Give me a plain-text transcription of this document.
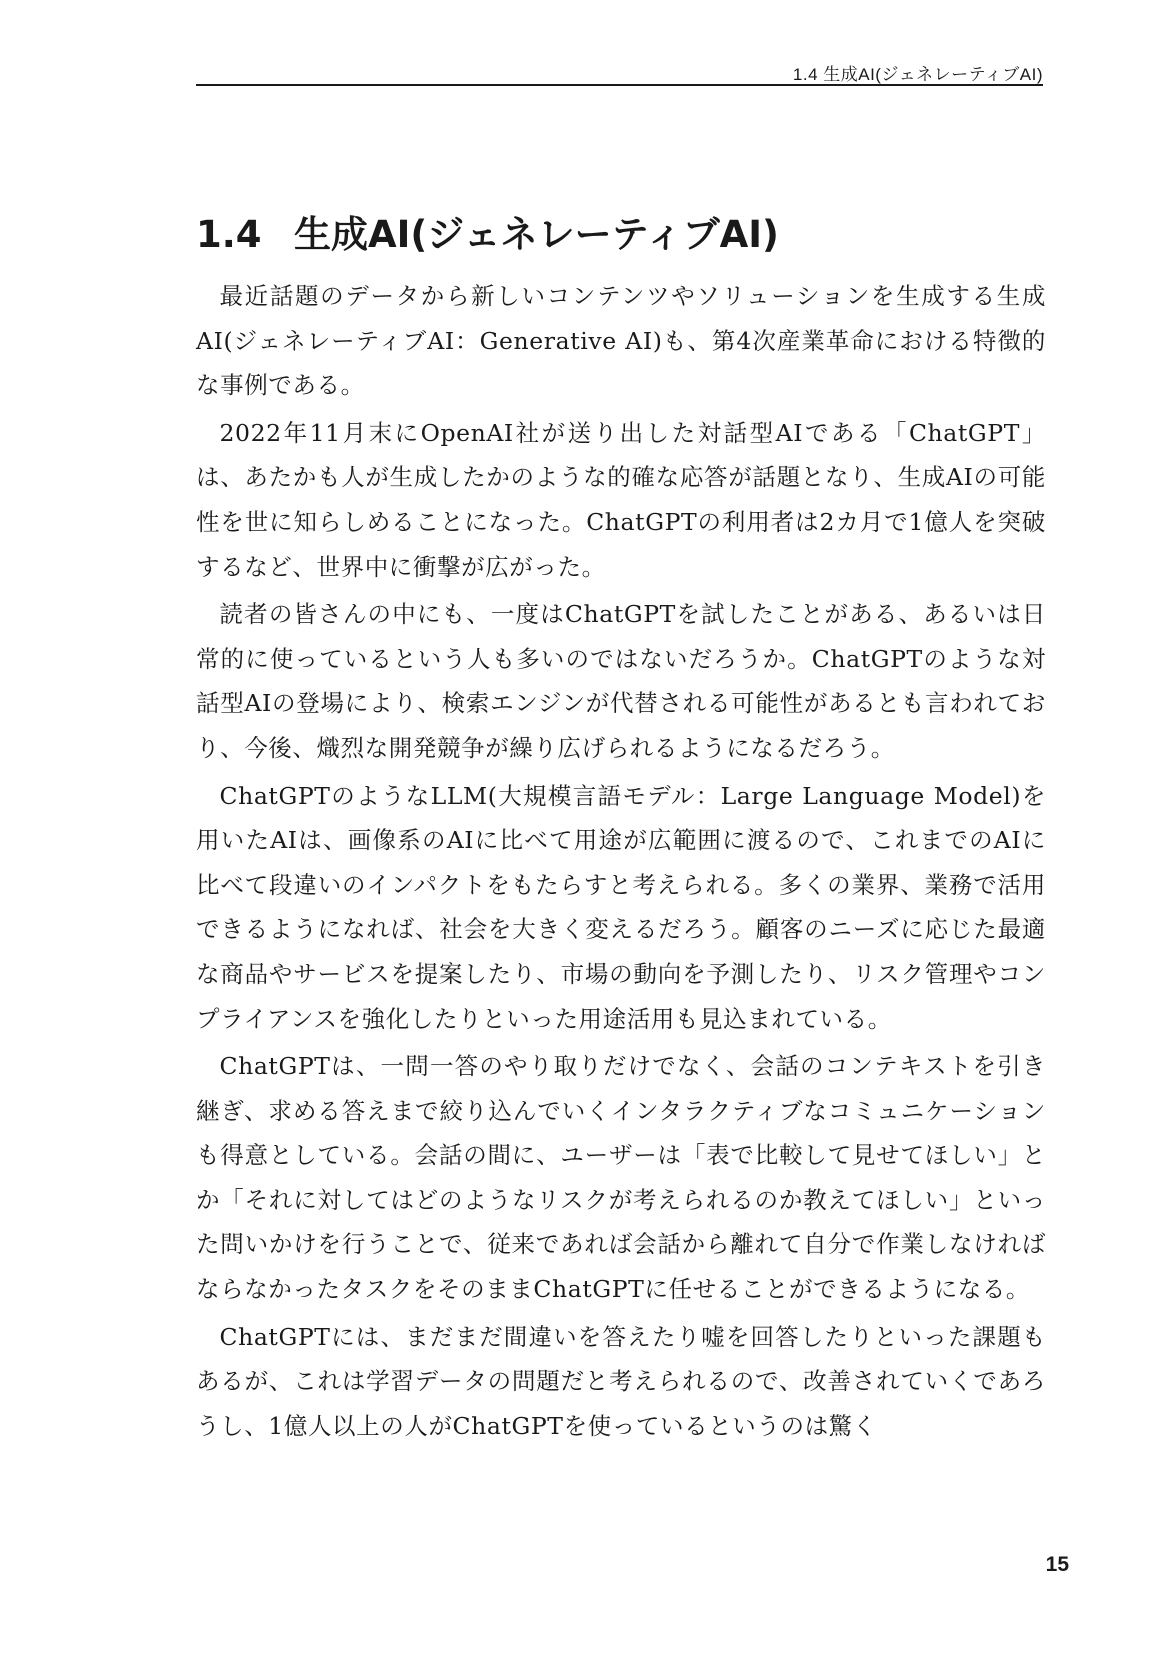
1.4 生成AI(ジェネレーティブAI)
1.4 生成AI(ジェネレーティブAI)

最近話題のデータから新しいコンテンツやソリューションを生成する生成AI(ジェネレーティブAI：Generative AI)も、第4次産業革命における特徴的な事例である。

2022年11月末にOpenAI社が送り出した対話型AIである「ChatGPT」は、あたかも人が生成したかのような的確な応答が話題となり、生成AIの可能性を世に知らしめることになった。ChatGPTの利用者は2カ月で1億人を突破するなど、世界中に衝撃が広がった。

読者の皆さんの中にも、一度はChatGPTを試したことがある、あるいは日常的に使っているという人も多いのではないだろうか。ChatGPTのような対話型AIの登場により、検索エンジンが代替される可能性があるとも言われており、今後、熾烈な開発競争が繰り広げられるようになるだろう。

ChatGPTのようなLLM(大規模言語モデル：Large Language Model)を用いたAIは、画像系のAIに比べて用途が広範囲に渡るので、これまでのAIに比べて段違いのインパクトをもたらすと考えられる。多くの業界、業務で活用できるようになれば、社会を大きく変えるだろう。顧客のニーズに応じた最適な商品やサービスを提案したり、市場の動向を予測したり、リスク管理やコンプライアンスを強化したりといった用途活用も見込まれている。

ChatGPTは、一問一答のやり取りだけでなく、会話のコンテキストを引き継ぎ、求める答えまで絞り込んでいくインタラクティブなコミュニケーションも得意としている。会話の間に、ユーザーは「表で比較して見せてほしい」とか「それに対してはどのようなリスクが考えられるのか教えてほしい」といった問いかけを行うことで、従来であれば会話から離れて自分で作業しなければならなかったタスクをそのままChatGPTに任せることができるようになる。

ChatGPTには、まだまだ間違いを答えたり嘘を回答したりといった課題もあるが、これは学習データの問題だと考えられるので、改善されていくであろうし、1億人以上の人がChatGPTを使っているというのは驚く

15
